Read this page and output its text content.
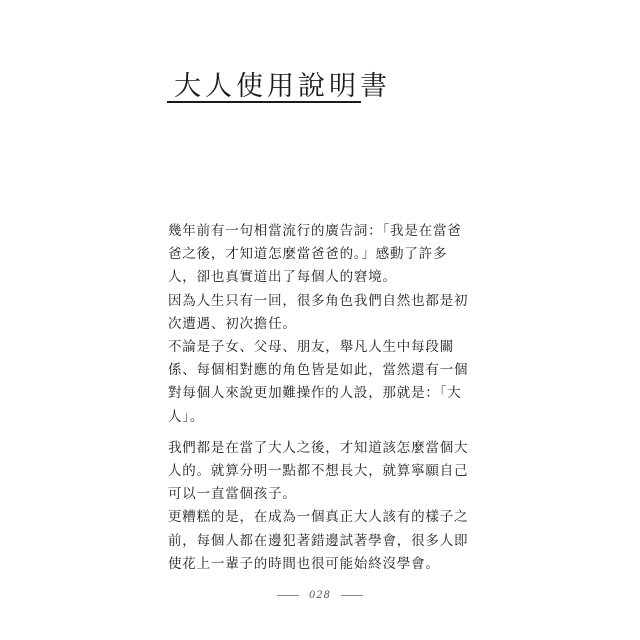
大人使用說明書

幾年前有一句相當流行的廣告詞：「我是在當爸爸之後，才知道怎麼當爸爸的。」感動了許多人，卻也真實道出了每個人的窘境。

因為人生只有一回，很多角色我們自然也都是初次遭遇、初次擔任。

不論是子女、父母、朋友，舉凡人生中每段關係、每個相對應的角色皆是如此，當然還有一個對每個人來說更加難操作的人設，那就是：「大人」。

我們都是在當了大人之後，才知道該怎麼當個大人的。就算分明一點都不想長大，就算寧願自己可以一直當個孩子。

更糟糕的是，在成為一個真正大人該有的樣子之前，每個人都在邊犯著錯邊試著學會，很多人即使花上一輩子的時間也很可能始終沒學會。

028
